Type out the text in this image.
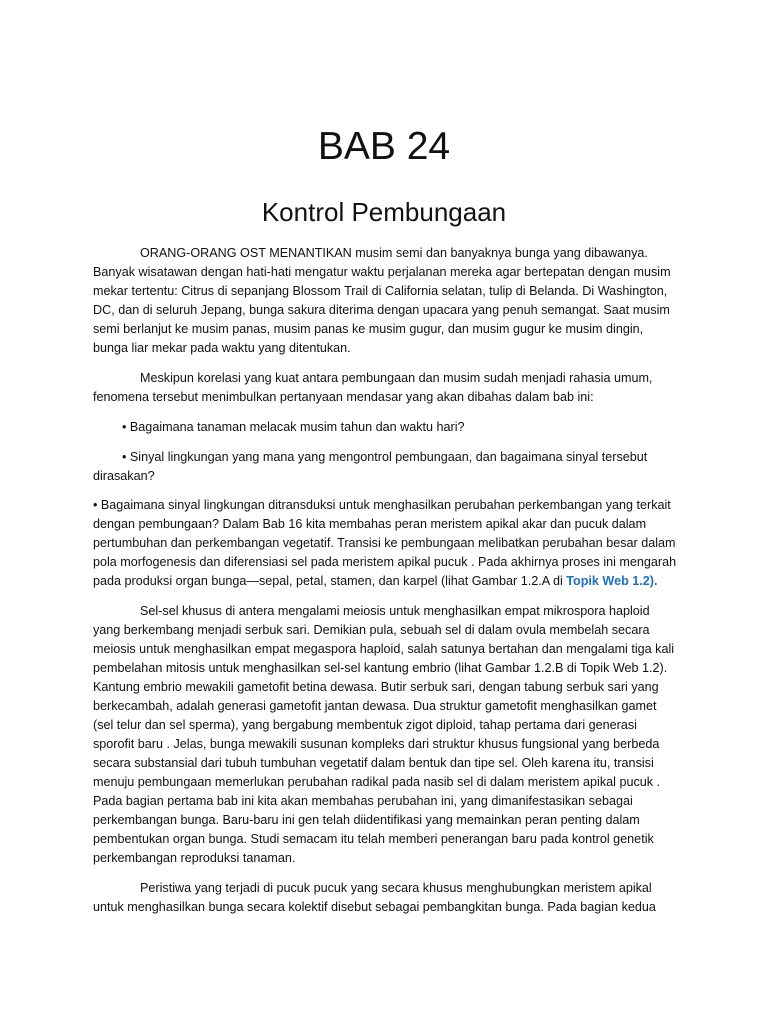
BAB 24
Kontrol Pembungaan

ORANG-ORANG OST MENANTIKAN musim semi dan banyaknya bunga yang dibawanya. Banyak wisatawan dengan hati-hati mengatur waktu perjalanan mereka agar bertepatan dengan musim mekar tertentu: Citrus di sepanjang Blossom Trail di California selatan, tulip di Belanda. Di Washington, DC, dan di seluruh Jepang, bunga sakura diterima dengan upacara yang penuh semangat. Saat musim semi berlanjut ke musim panas, musim panas ke musim gugur, dan musim gugur ke musim dingin, bunga liar mekar pada waktu yang ditentukan.

Meskipun korelasi yang kuat antara pembungaan dan musim sudah menjadi rahasia umum, fenomena tersebut menimbulkan pertanyaan mendasar yang akan dibahas dalam bab ini:

• Bagaimana tanaman melacak musim tahun dan waktu hari?

• Sinyal lingkungan yang mana yang mengontrol pembungaan, dan bagaimana sinyal tersebut dirasakan?

• Bagaimana sinyal lingkungan ditransduksi untuk menghasilkan perubahan perkembangan yang terkait dengan pembungaan? Dalam Bab 16 kita membahas peran meristem apikal akar dan pucuk dalam pertumbuhan dan perkembangan vegetatif. Transisi ke pembungaan melibatkan perubahan besar dalam pola morfogenesis dan diferensiasi sel pada meristem apikal pucuk . Pada akhirnya proses ini mengarah pada produksi organ bunga—sepal, petal, stamen, dan karpel (lihat Gambar 1.2.A di Topik Web 1.2).

Sel-sel khusus di antera mengalami meiosis untuk menghasilkan empat mikrospora haploid yang berkembang menjadi serbuk sari. Demikian pula, sebuah sel di dalam ovula membelah secara meiosis untuk menghasilkan empat megaspora haploid, salah satunya bertahan dan mengalami tiga kali pembelahan mitosis untuk menghasilkan sel-sel kantung embrio (lihat Gambar 1.2.B di Topik Web 1.2). Kantung embrio mewakili gametofit betina dewasa. Butir serbuk sari, dengan tabung serbuk sari yang berkecambah, adalah generasi gametofit jantan dewasa. Dua struktur gametofit menghasilkan gamet (sel telur dan sel sperma), yang bergabung membentuk zigot diploid, tahap pertama dari generasi sporofit baru . Jelas, bunga mewakili susunan kompleks dari struktur khusus fungsional yang berbeda secara substansial dari tubuh tumbuhan vegetatif dalam bentuk dan tipe sel. Oleh karena itu, transisi menuju pembungaan memerlukan perubahan radikal pada nasib sel di dalam meristem apikal pucuk . Pada bagian pertama bab ini kita akan membahas perubahan ini, yang dimanifestasikan sebagai perkembangan bunga. Baru-baru ini gen telah diidentifikasi yang memainkan peran penting dalam pembentukan organ bunga. Studi semacam itu telah memberi penerangan baru pada kontrol genetik perkembangan reproduksi tanaman.

Peristiwa yang terjadi di pucuk pucuk yang secara khusus menghubungkan meristem apikal untuk menghasilkan bunga secara kolektif disebut sebagai pembangkitan bunga. Pada bagian kedua
